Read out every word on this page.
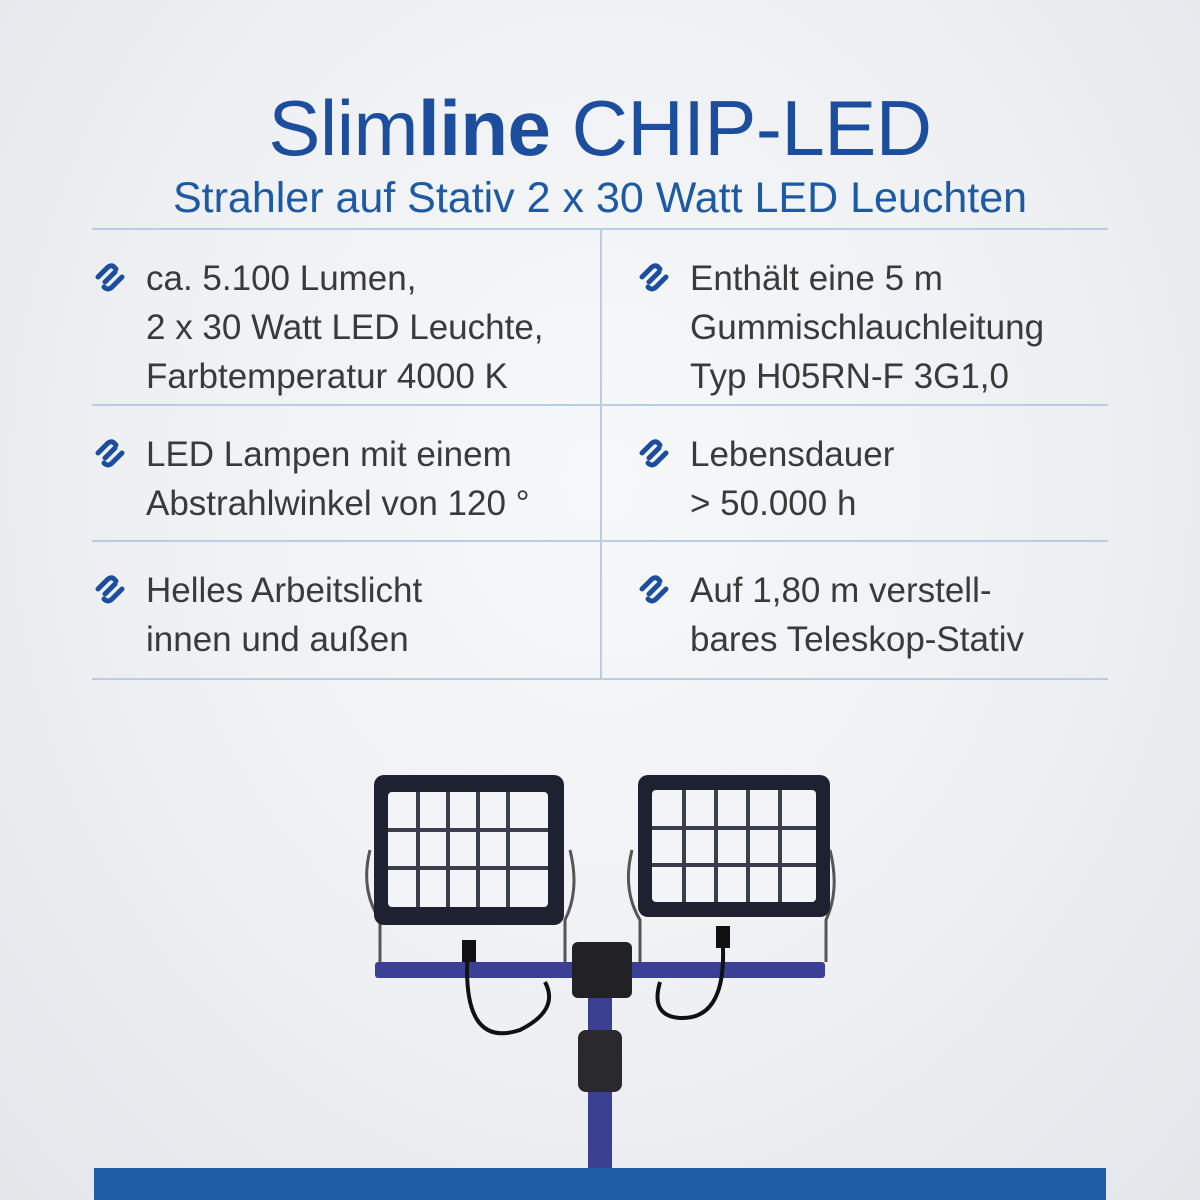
Slimline CHIP-LED
Strahler auf Stativ 2 x 30 Watt LED Leuchten
ca. 5.100 Lumen,
2 x 30 Watt LED Leuchte,
Farbtemperatur 4000 K
Enthält eine 5 m
Gummischlauchleitung
Typ H05RN-F 3G1,0
LED Lampen mit einem
Abstrahlwinkel von 120 °
Lebensdauer
> 50.000 h
Helles Arbeitslicht
innen und außen
Auf 1,80 m verstell-
bares Teleskop-Stativ
